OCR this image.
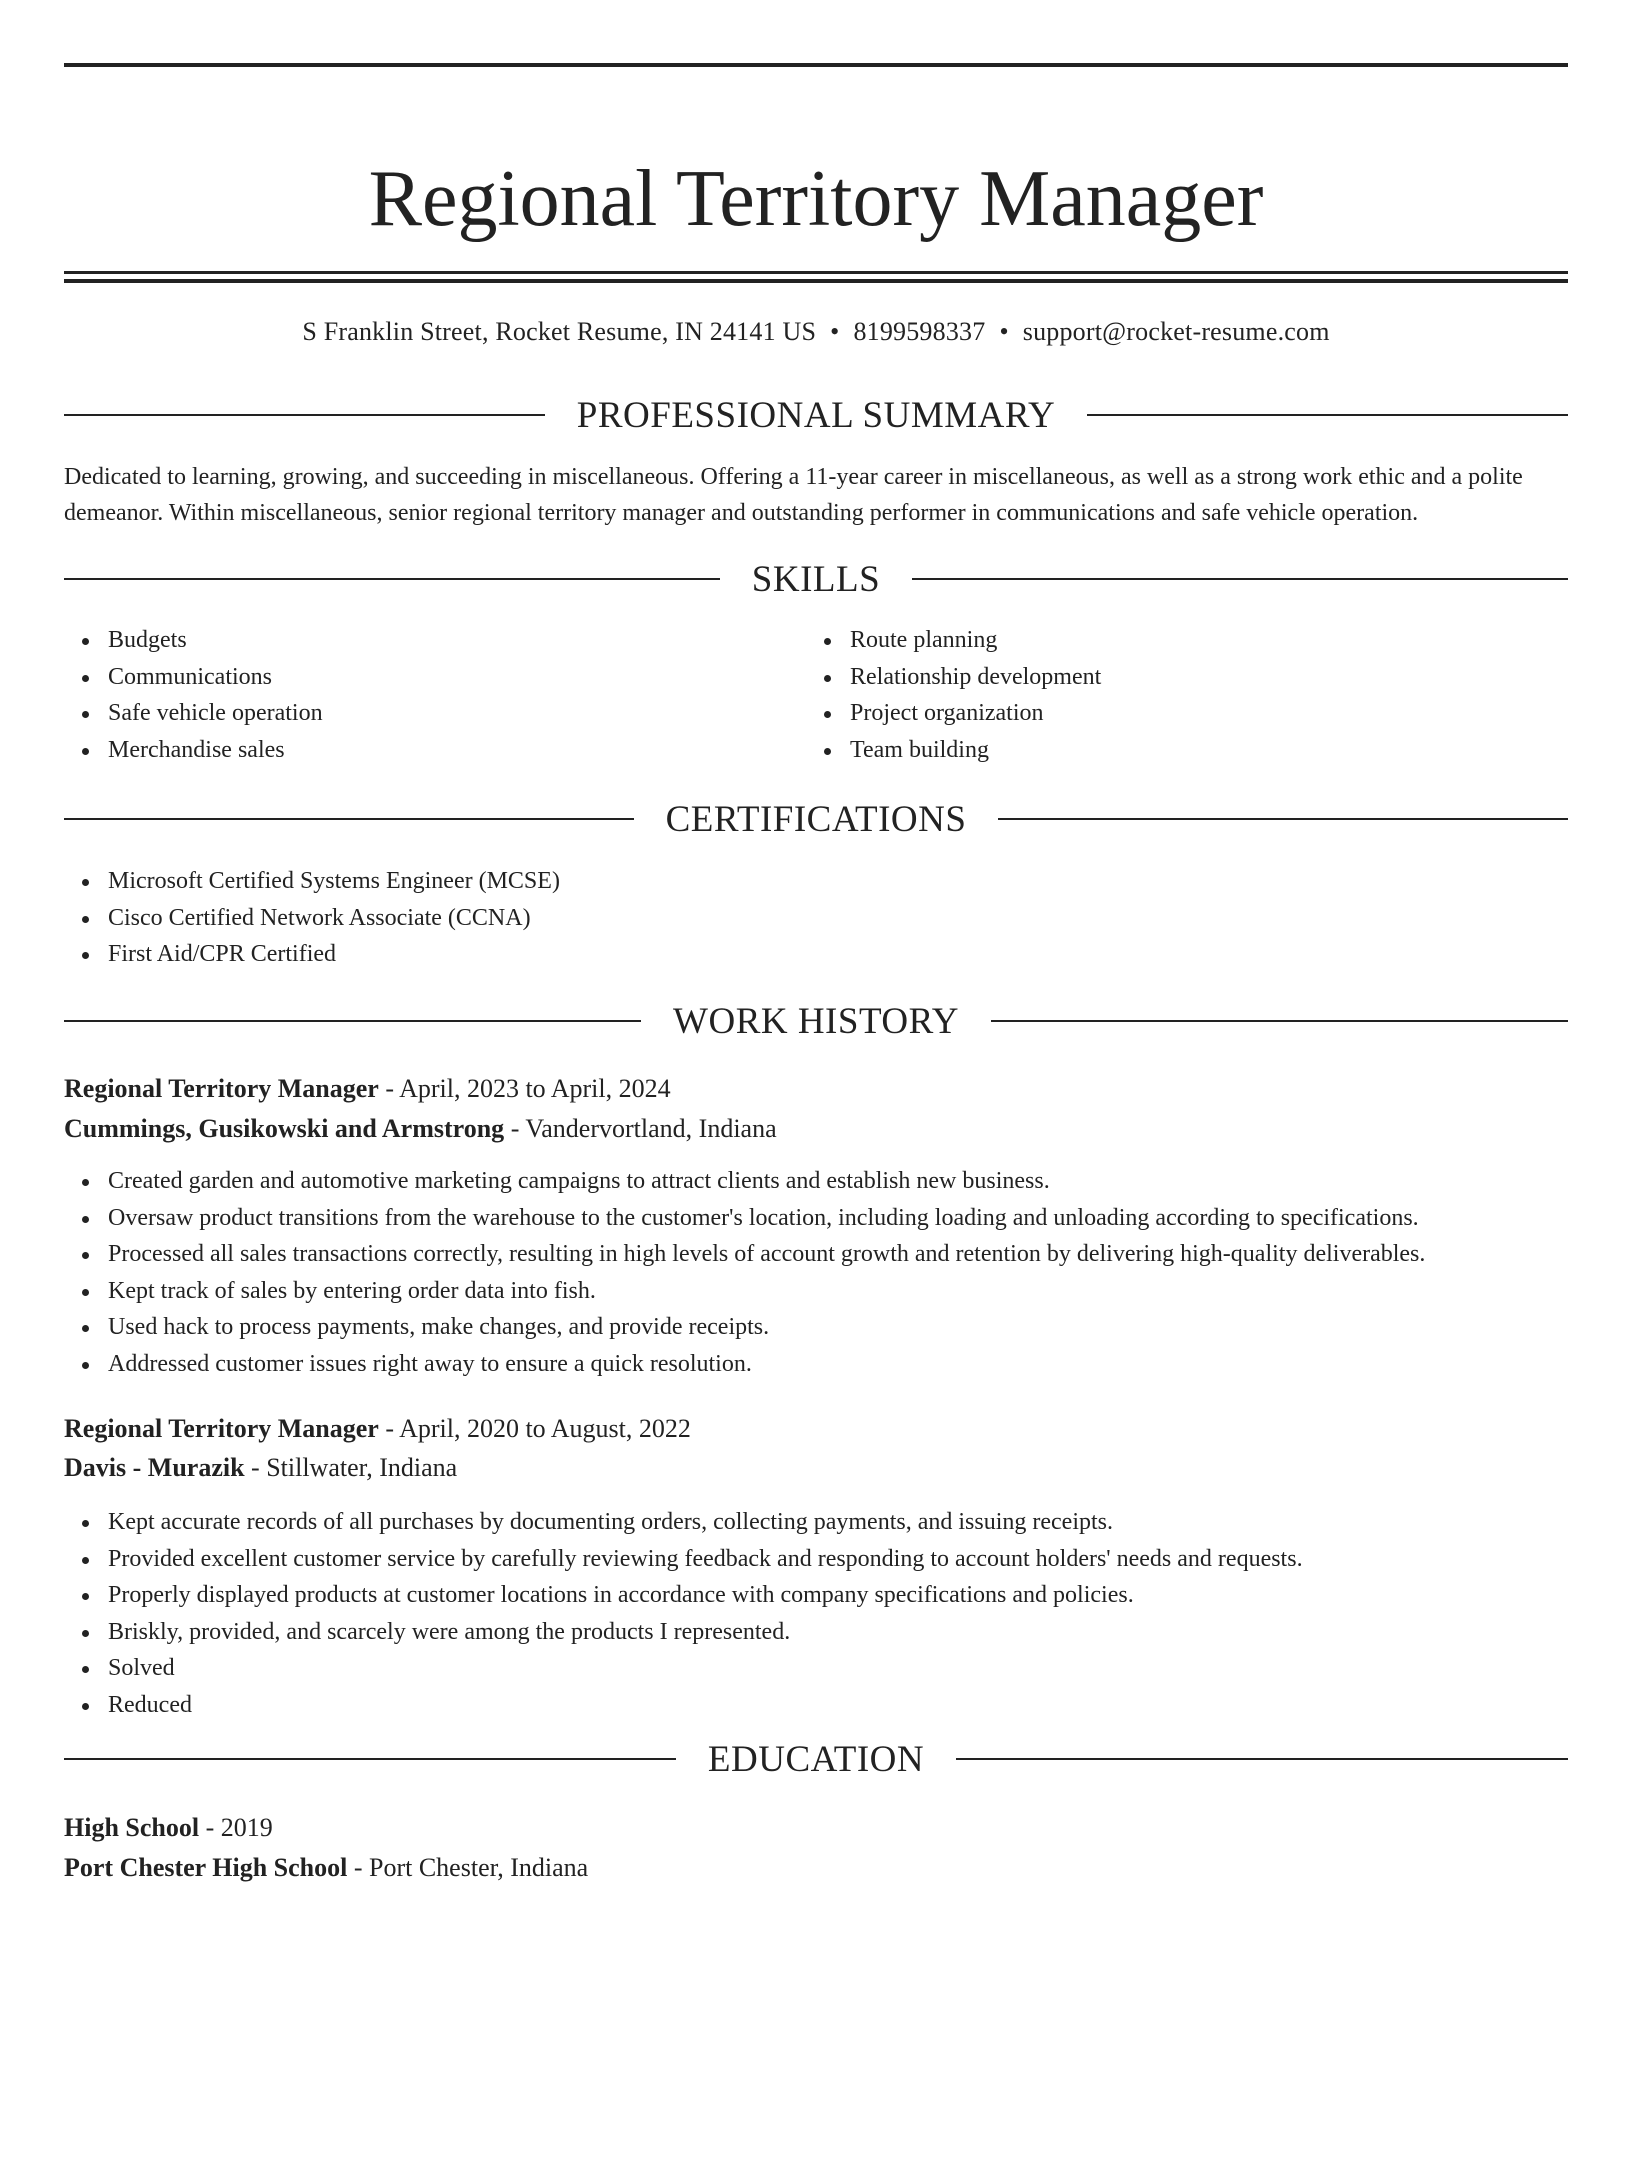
Regional Territory Manager
S Franklin Street, Rocket Resume, IN 24141 US • 8199598337 • support@rocket-resume.com
PROFESSIONAL SUMMARY
Dedicated to learning, growing, and succeeding in miscellaneous. Offering a 11-year career in miscellaneous, as well as a strong work ethic and a polite demeanor. Within miscellaneous, senior regional territory manager and outstanding performer in communications and safe vehicle operation.
SKILLS
Budgets
Communications
Safe vehicle operation
Merchandise sales
Route planning
Relationship development
Project organization
Team building
CERTIFICATIONS
Microsoft Certified Systems Engineer (MCSE)
Cisco Certified Network Associate (CCNA)
First Aid/CPR Certified
WORK HISTORY
Regional Territory Manager - April, 2023 to April, 2024
Cummings, Gusikowski and Armstrong - Vandervortland, Indiana
Created garden and automotive marketing campaigns to attract clients and establish new business.
Oversaw product transitions from the warehouse to the customer's location, including loading and unloading according to specifications.
Processed all sales transactions correctly, resulting in high levels of account growth and retention by delivering high-quality deliverables.
Kept track of sales by entering order data into fish.
Used hack to process payments, make changes, and provide receipts.
Addressed customer issues right away to ensure a quick resolution.
Regional Territory Manager - April, 2020 to August, 2022
Davis - Murazik - Stillwater, Indiana
Kept accurate records of all purchases by documenting orders, collecting payments, and issuing receipts.
Provided excellent customer service by carefully reviewing feedback and responding to account holders' needs and requests.
Properly displayed products at customer locations in accordance with company specifications and policies.
Briskly, provided, and scarcely were among the products I represented.
Solved
Reduced
EDUCATION
High School - 2019
Port Chester High School - Port Chester, Indiana
